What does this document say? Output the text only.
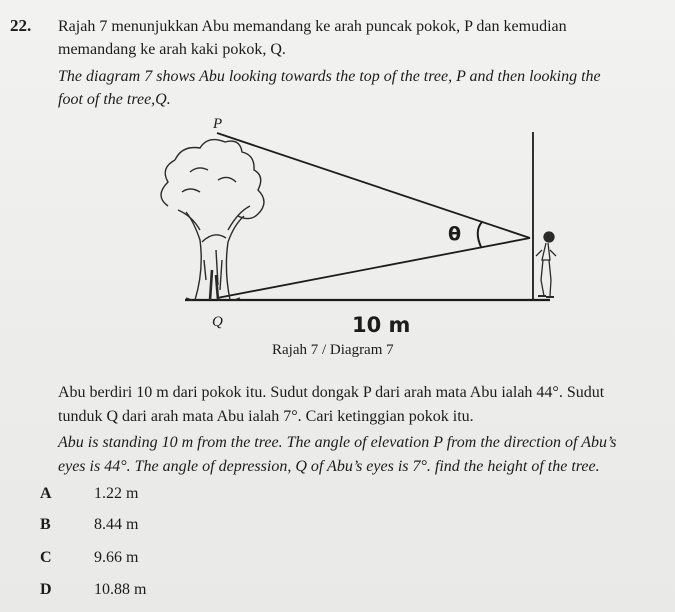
22. Rajah 7 menunjukkan Abu memandang ke arah puncak pokok, P dan kemudian
memandang ke arah kaki pokok, Q.
The diagram 7 shows Abu looking towards the top of the tree, P and then looking the
foot of the tree,Q.
P
Q
θ
10 m
Rajah 7 / Diagram 7
Abu berdiri 10 m dari pokok itu. Sudut dongak P dari arah mata Abu ialah 44°. Sudut
tunduk Q dari arah mata Abu ialah 7°. Cari ketinggian pokok itu.
Abu is standing 10 m from the tree. The angle of elevation P from the direction of Abu’s
eyes is 44°. The angle of depression, Q of Abu’s eyes is 7°. find the height of the tree.
A	1.22 m
B	8.44 m
C	9.66 m
D	10.88 m
